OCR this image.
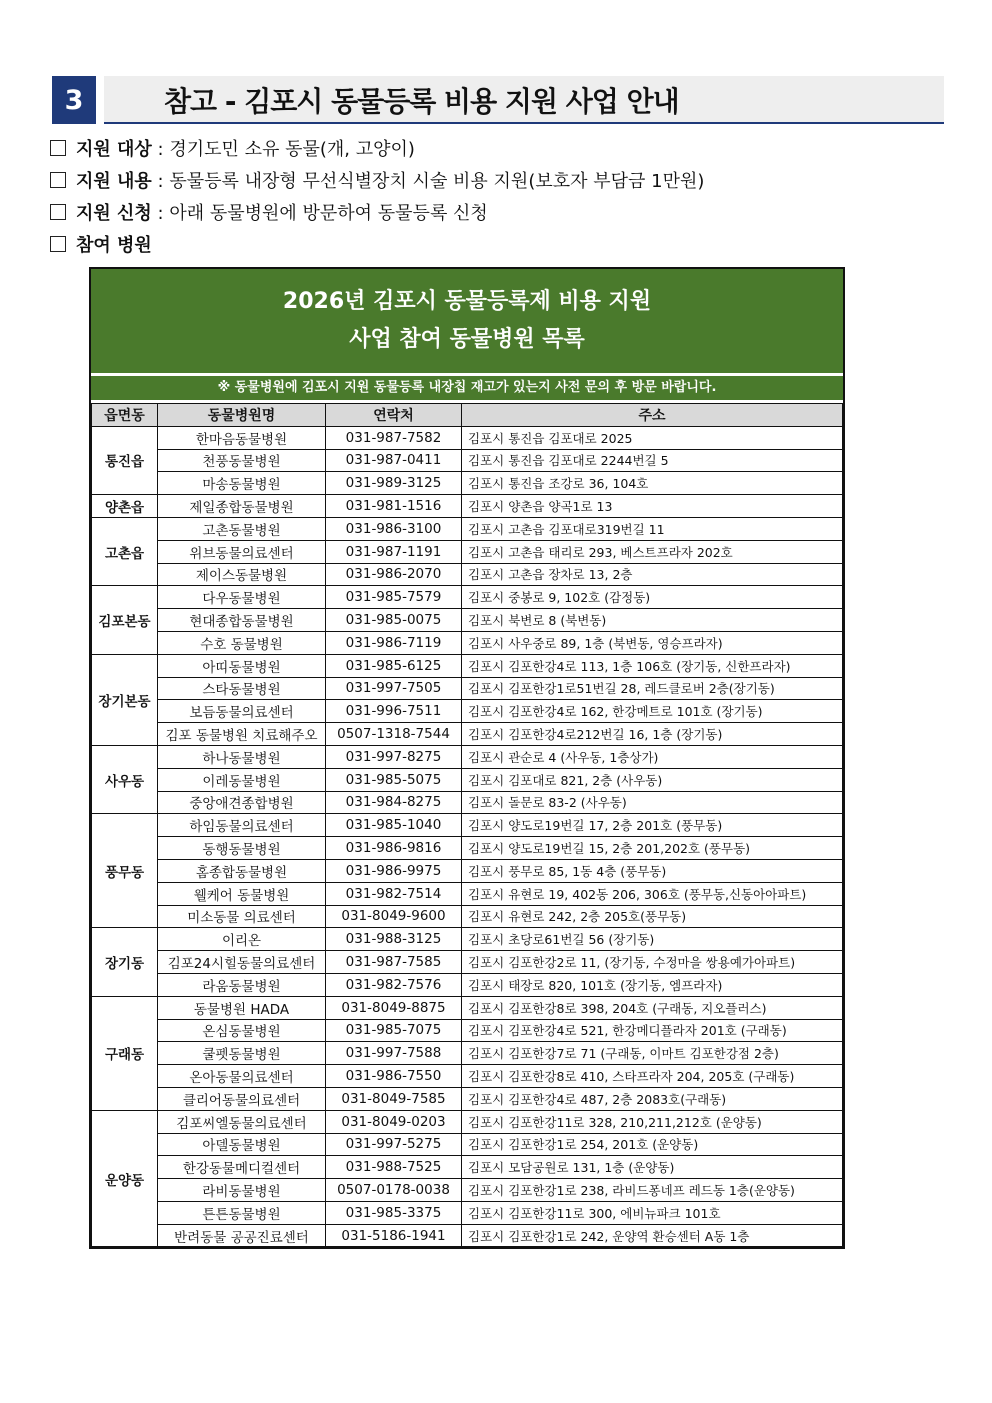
3	참고 - 김포시 동물등록 비용 지원 사업 안내
지원 대상 : 경기도민 소유 동물(개, 고양이)
지원 내용 : 동물등록 내장형 무선식별장치 시술 비용 지원(보호자 부담금 1만원)
지원 신청 : 아래 동물병원에 방문하여 동물등록 신청
참여 병원
2026년 김포시 동물등록제 비용 지원
사업 참여 동물병원 목록
※ 동물병원에 김포시 지원 동물등록 내장칩 재고가 있는지 사전 문의 후 방문 바랍니다.
읍면동	동물병원명	연락처	주소
통진읍	한마음동물병원	031-987-7582	김포시 통진읍 김포대로 2025
	천풍동물병원	031-987-0411	김포시 통진읍 김포대로 2244번길 5
	마송동물병원	031-989-3125	김포시 통진읍 조강로 36, 104호
양촌읍	제일종합동물병원	031-981-1516	김포시 양촌읍 양곡1로 13
고촌읍	고촌동물병원	031-986-3100	김포시 고촌읍 김포대로319번길 11
	위브동물의료센터	031-987-1191	김포시 고촌읍 태리로 293, 베스트프라자 202호
	제이스동물병원	031-986-2070	김포시 고촌읍 장차로 13, 2층
김포본동	다우동물병원	031-985-7579	김포시 중봉로 9, 102호 (감정동)
	현대종합동물병원	031-985-0075	김포시 북변로 8 (북변동)
	수호 동물병원	031-986-7119	김포시 사우중로 89, 1층 (북변동, 영승프라자)
장기본동	아띠동물병원	031-985-6125	김포시 김포한강4로 113, 1층 106호 (장기동, 신한프라자)
	스타동물병원	031-997-7505	김포시 김포한강1로51번길 28, 레드클로버 2층(장기동)
	보듬동물의료센터	031-996-7511	김포시 김포한강4로 162, 한강메트로 101호 (장기동)
	김포 동물병원 치료해주오	0507-1318-7544	김포시 김포한강4로212번길 16, 1층 (장기동)
사우동	하나동물병원	031-997-8275	김포시 관순로 4 (사우동, 1층상가)
	이레동물병원	031-985-5075	김포시 김포대로 821, 2층 (사우동)
	중앙애견종합병원	031-984-8275	김포시 돌문로 83-2 (사우동)
풍무동	하임동물의료센터	031-985-1040	김포시 양도로19번길 17, 2층 201호 (풍무동)
	동행동물병원	031-986-9816	김포시 양도로19번길 15, 2층 201,202호 (풍무동)
	홈종합동물병원	031-986-9975	김포시 풍무로 85, 1동 4층 (풍무동)
	웰케어 동물병원	031-982-7514	김포시 유현로 19, 402동 206, 306호 (풍무동,신동아아파트)
	미소동물 의료센터	031-8049-9600	김포시 유현로 242, 2층 205호(풍무동)
장기동	이리온	031-988-3125	김포시 초당로61번길 56 (장기동)
	김포24시힐동물의료센터	031-987-7585	김포시 김포한강2로 11, (장기동, 수정마을 쌍용예가아파트)
	라움동물병원	031-982-7576	김포시 태장로 820, 101호 (장기동, 엠프라자)
구래동	동물병원 HADA	031-8049-8875	김포시 김포한강8로 398, 204호 (구래동, 지오플러스)
	온심동물병원	031-985-7075	김포시 김포한강4로 521, 한강메디플라자 201호 (구래동)
	쿨펫동물병원	031-997-7588	김포시 김포한강7로 71 (구래동, 이마트 김포한강점 2층)
	온아동물의료센터	031-986-7550	김포시 김포한강8로 410, 스타프라자 204, 205호 (구래동)
	클리어동물의료센터	031-8049-7585	김포시 김포한강4로 487, 2층 2083호(구래동)
운양동	김포씨엘동물의료센터	031-8049-0203	김포시 김포한강11로 328, 210,211,212호 (운양동)
	아델동물병원	031-997-5275	김포시 김포한강1로 254, 201호 (운양동)
	한강동물메디컬센터	031-988-7525	김포시 모담공원로 131, 1층 (운양동)
	라비동물병원	0507-0178-0038	김포시 김포한강1로 238, 라비드퐁네프 레드동 1층(운양동)
	튼튼동물병원	031-985-3375	김포시 김포한강11로 300, 에비뉴파크 101호
	반려동물 공공진료센터	031-5186-1941	김포시 김포한강1로 242, 운양역 환승센터 A동 1층
